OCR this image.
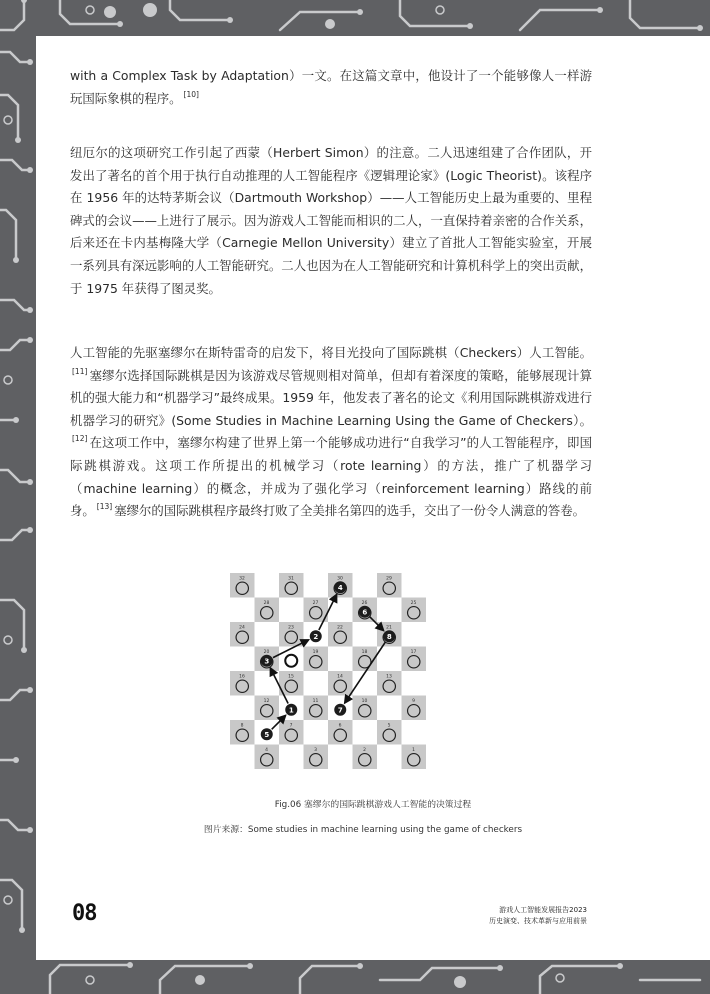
with a Complex Task by Adaptation）一文。在这篇文章中，他设计了一个能够像人一样游玩国际象棋的程序。 [10]

纽厄尔的这项研究工作引起了西蒙（Herbert Simon）的注意。二人迅速组建了合作团队，开发出了著名的首个用于执行自动推理的人工智能程序《逻辑理论家》(Logic Theorist)。该程序在 1956 年的达特茅斯会议（Dartmouth Workshop）——人工智能历史上最为重要的、里程碑式的会议——上进行了展示。因为游戏人工智能而相识的二人，一直保持着亲密的合作关系，后来还在卡内基梅隆大学（Carnegie Mellon University）建立了首批人工智能实验室，开展一系列具有深远影响的人工智能研究。二人也因为在人工智能研究和计算机科学上的突出贡献，于 1975 年获得了图灵奖。

人工智能的先驱塞缪尔在斯特雷奇的启发下，将目光投向了国际跳棋（Checkers）人工智能。[11] 塞缪尔选择国际跳棋是因为该游戏尽管规则相对简单，但却有着深度的策略，能够展现计算机的强大能力和“机器学习”最终成果。1959 年，他发表了著名的论文《利用国际跳棋游戏进行机器学习的研究》(Some Studies in Machine Learning Using the Game of Checkers）。[12] 在这项工作中，塞缪尔构建了世界上第一个能够成功进行“自我学习”的人工智能程序，即国际跳棋游戏。这项工作所提出的机械学习（rote learning）的方法，推广了机器学习（machine learning）的概念，并成为了强化学习（reinforcement learning）路线的前身。 [13] 塞缪尔的国际跳棋程序最终打败了全美排名第四的选手，交出了一份令人满意的答卷。

32	31	30	29
28	27	26	25
24	23	22	21
20	19	18	17
16	15	14	13
12	11	10	9
8	7	6	5
4	3	2	1
1
2
3
4
5
6
7
8

Fig.06 塞缪尔的国际跳棋游戏人工智能的决策过程

图片来源：Some studies in machine learning using the game of checkers

08	游戏人工智能发展报告2023

历史演变、技术革新与应用前景
